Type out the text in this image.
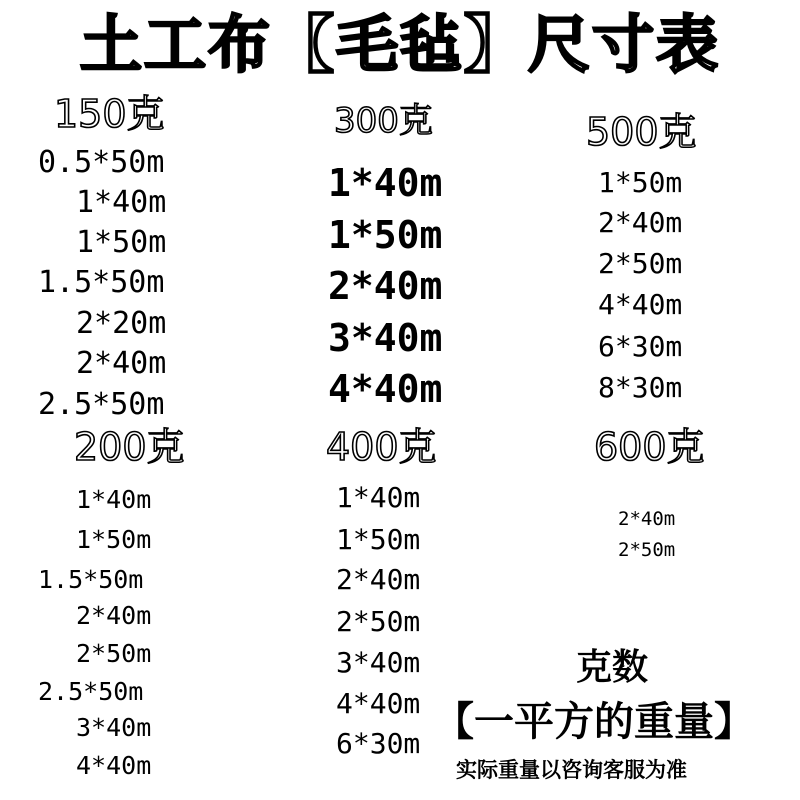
土工布【毛毡】尺寸表
150克
0.5*50m
1*40m
1*50m
1.5*50m
2*20m
2*40m
2.5*50m
300克
1*40m
1*50m
2*40m
3*40m
4*40m
500克
1*50m
2*40m
2*50m
4*40m
6*30m
8*30m
200克
1*40m
1*50m
1.5*50m
2*40m
2*50m
2.5*50m
3*40m
4*40m
400克
1*40m
1*50m
2*40m
2*50m
3*40m
4*40m
6*30m
600克
2*40m
2*50m
克数
【一平方的重量】
实际重量以咨询客服为准
